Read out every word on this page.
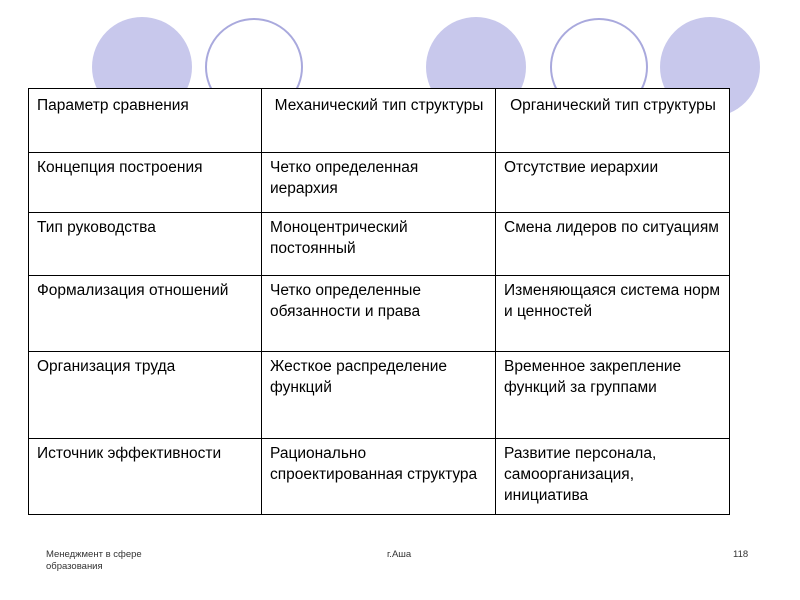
Параметр сравнения	Механический тип структуры	Органический тип структуры
Концепция построения	Четко определенная иерархия	Отсутствие иерархии
Тип руководства	Моноцентрический постоянный	Смена лидеров по ситуациям
Формализация отношений	Четко определенные обязанности и права	Изменяющаяся система норм и ценностей
Организация труда	Жесткое распределение функций	Временное закрепление функций за группами
Источник эффективности	Рационально спроектированная структура	Развитие персонала, самоорганизация, инициатива
Менеджмент в сфере образования
г.Аша	118
